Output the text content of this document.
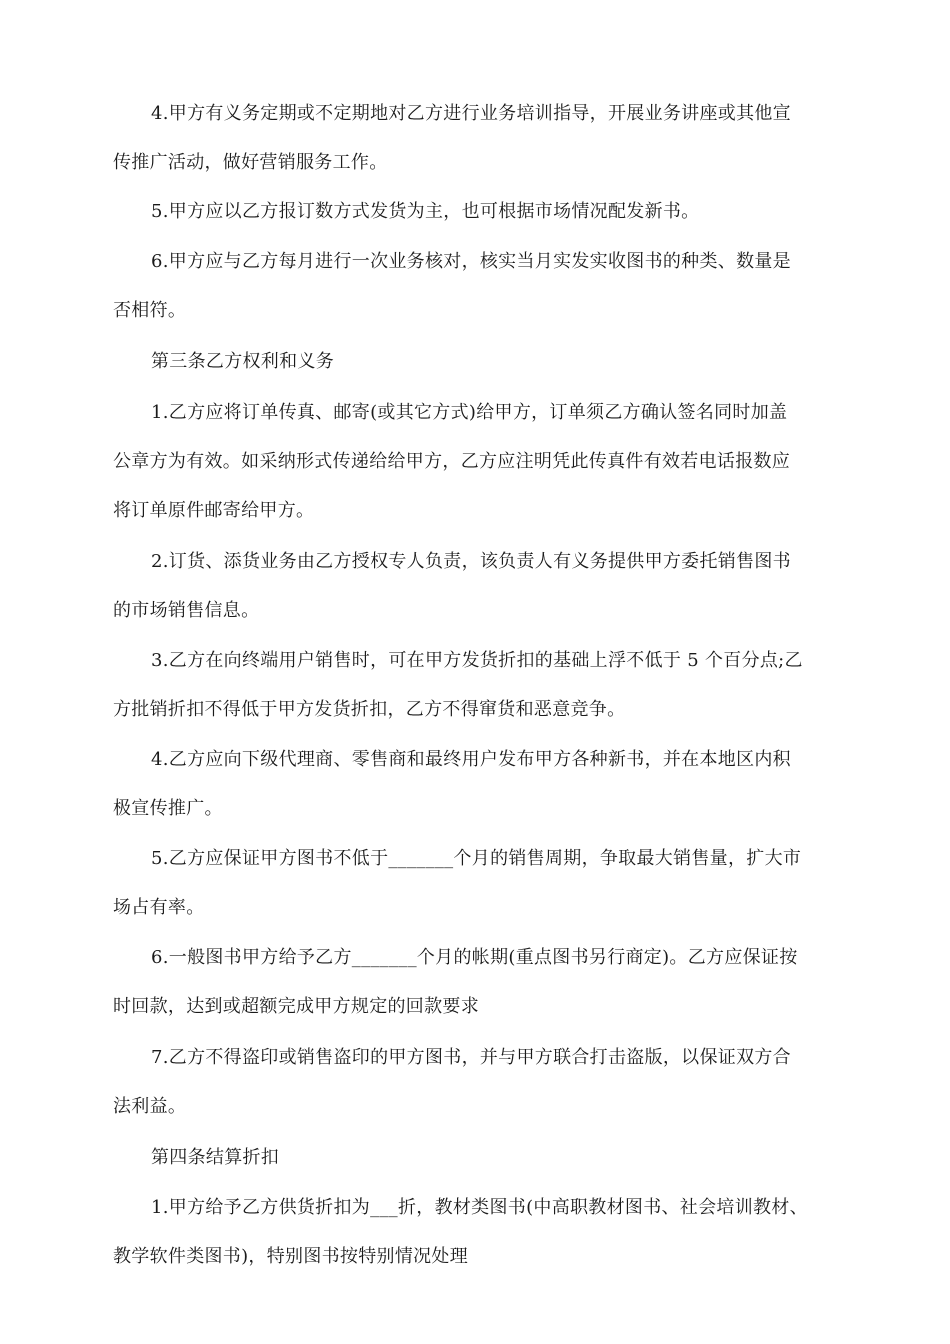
4.甲方有义务定期或不定期地对乙方进行业务培训指导，开展业务讲座或其他宣
传推广活动，做好营销服务工作。
5.甲方应以乙方报订数方式发货为主，也可根据市场情况配发新书。
6.甲方应与乙方每月进行一次业务核对，核实当月实发实收图书的种类、数量是
否相符。
第三条乙方权利和义务
1.乙方应将订单传真、邮寄(或其它方式)给甲方，订单须乙方确认签名同时加盖
公章方为有效。如采纳形式传递给给甲方，乙方应注明凭此传真件有效若电话报数应
将订单原件邮寄给甲方。
2.订货、添货业务由乙方授权专人负责，该负责人有义务提供甲方委托销售图书
的市场销售信息。
3.乙方在向终端用户销售时，可在甲方发货折扣的基础上浮不低于 5 个百分点;乙
方批销折扣不得低于甲方发货折扣，乙方不得窜货和恶意竞争。
4.乙方应向下级代理商、零售商和最终用户发布甲方各种新书，并在本地区内积
极宣传推广。
5.乙方应保证甲方图书不低于_______个月的销售周期，争取最大销售量，扩大市
场占有率。
6.一般图书甲方给予乙方_______个月的帐期(重点图书另行商定)。乙方应保证按
时回款，达到或超额完成甲方规定的回款要求
7.乙方不得盗印或销售盗印的甲方图书，并与甲方联合打击盗版，以保证双方合
法利益。
第四条结算折扣
1.甲方给予乙方供货折扣为___折，教材类图书(中高职教材图书、社会培训教材、
教学软件类图书)，特别图书按特别情况处理
